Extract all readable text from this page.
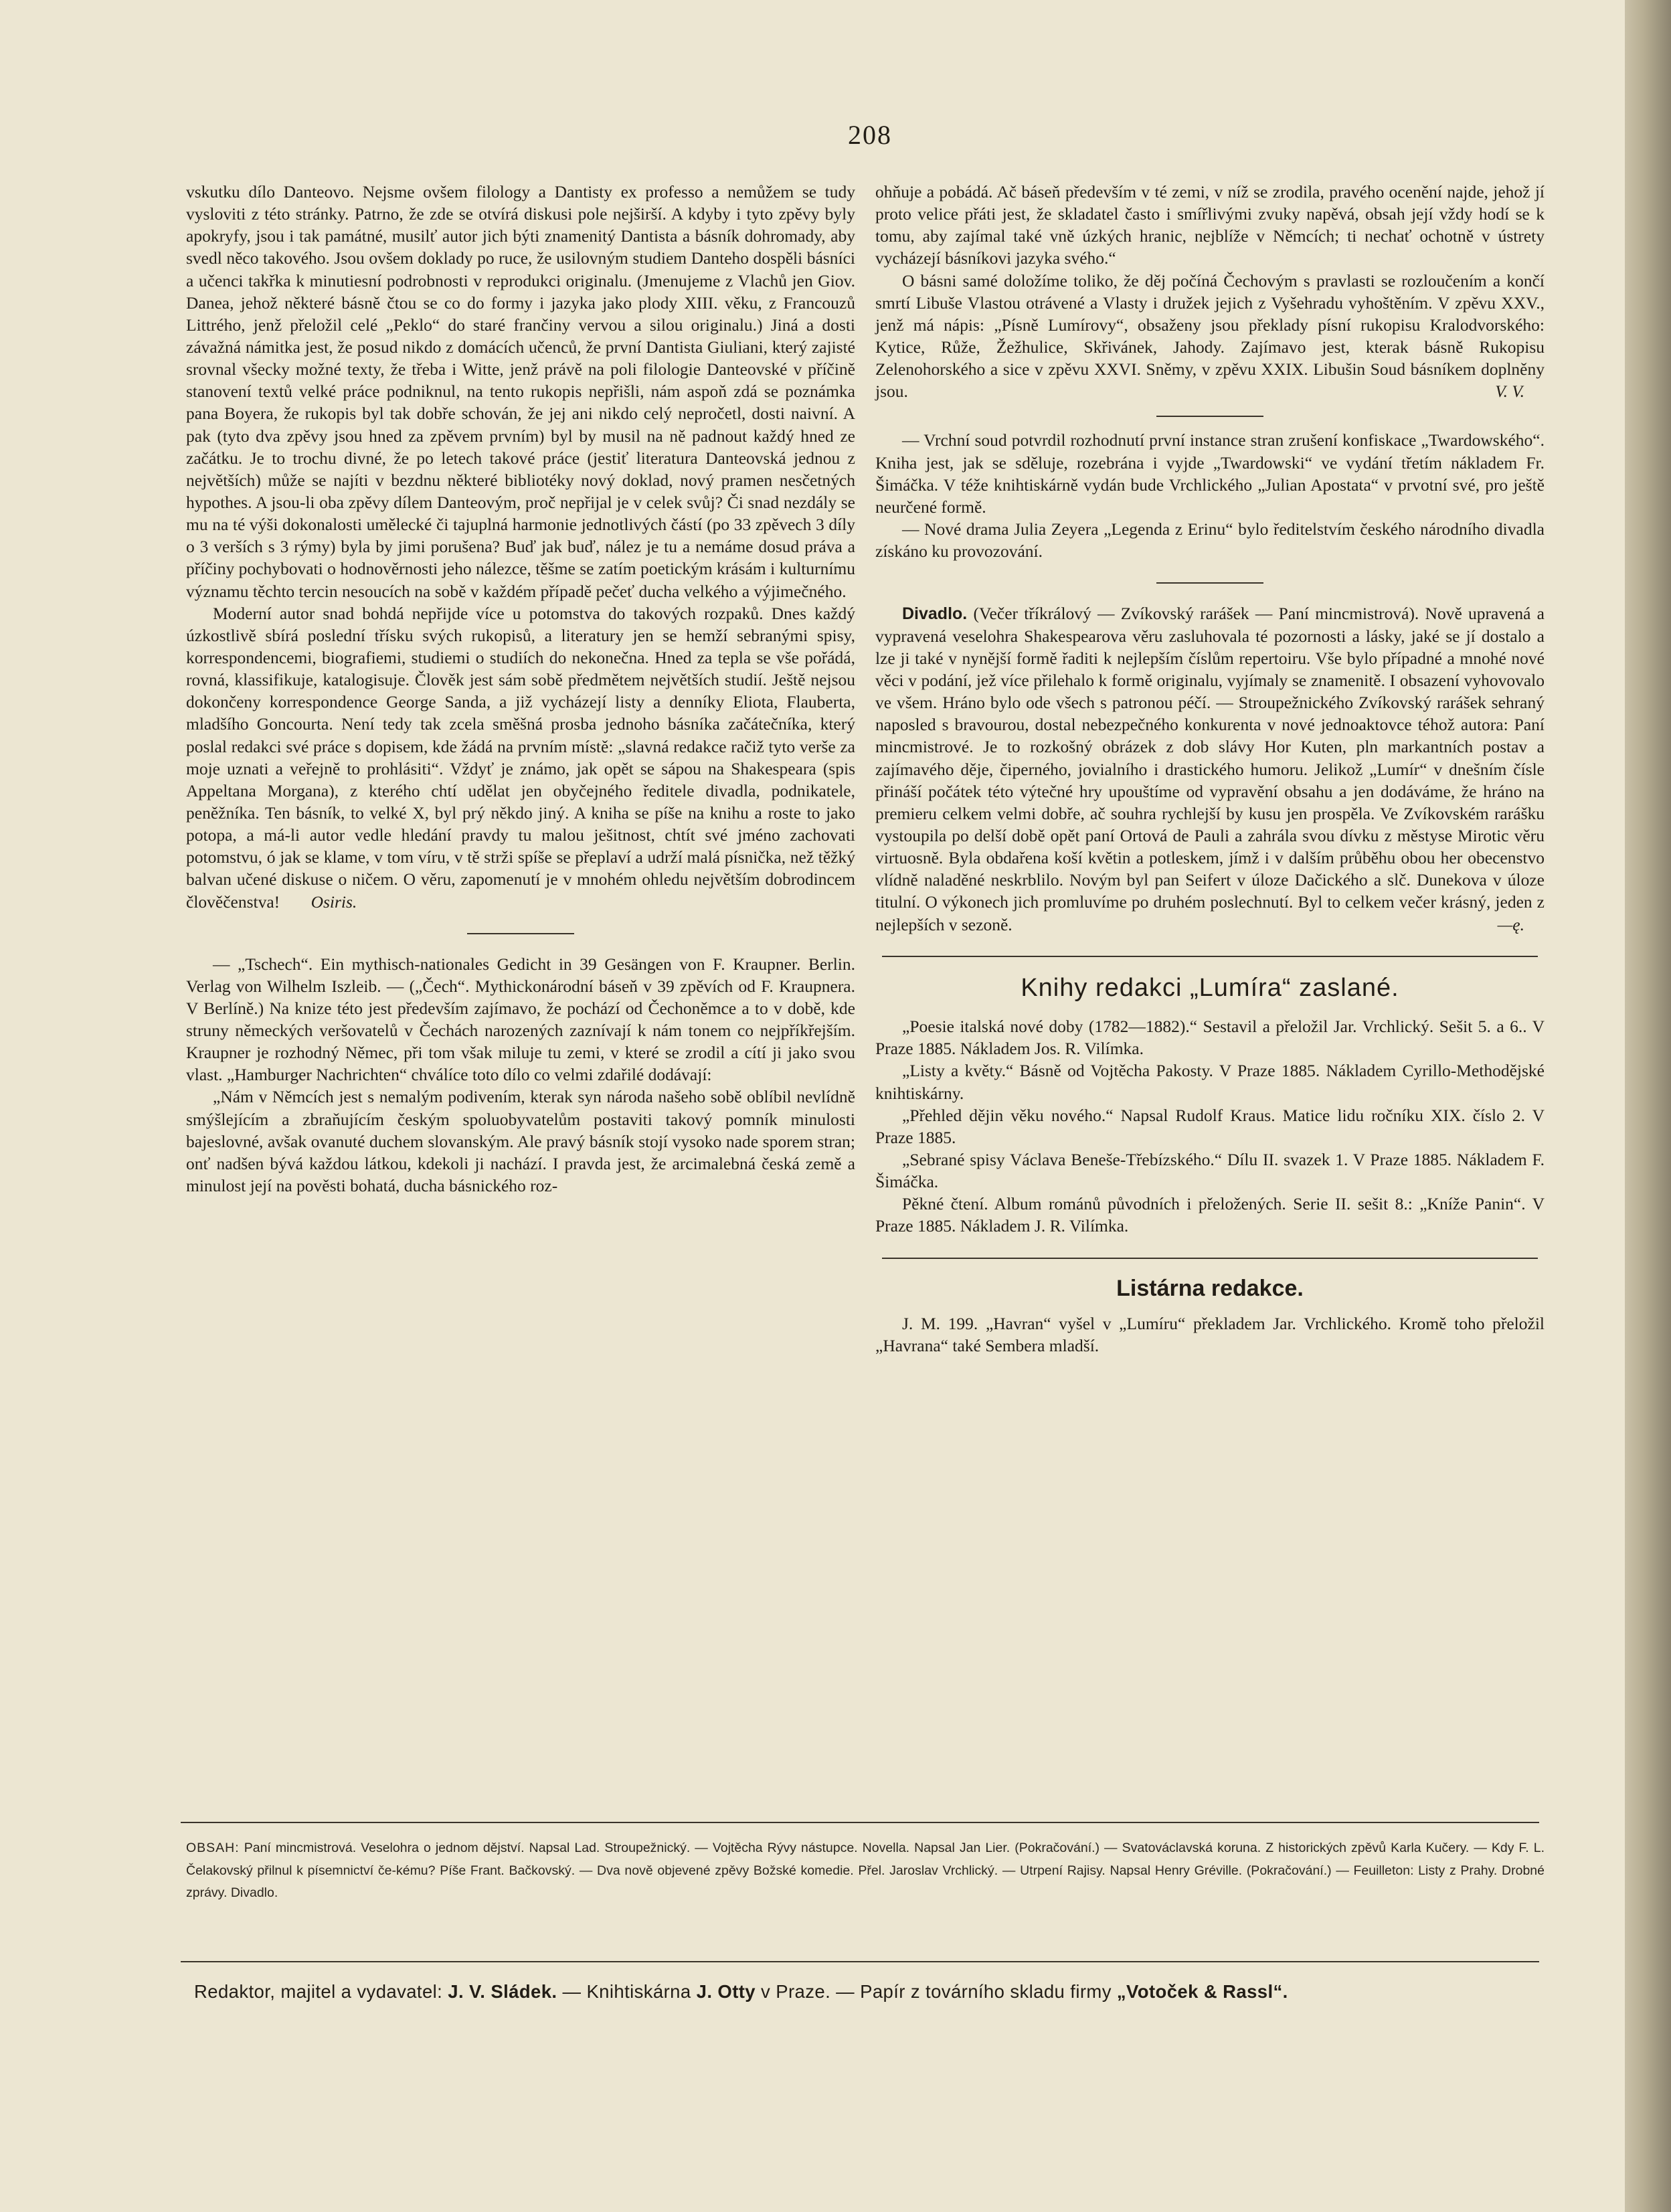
208

vskutku dílo Danteovo. Nejsme ovšem filology a Dantisty ex professo a nemůžem se tudy vysloviti z této stránky. Patrno, že zde se otvírá diskusi pole nejširší. A kdyby i tyto zpěvy byly apokryfy, jsou i tak památné, musilť autor jich býti znamenitý Dantista a básník dohromady, aby svedl něco takového. Jsou ovšem doklady po ruce, že usilovným studiem Danteho dospěli básníci a učenci takřka k minutiesní podrobnosti v reprodukci originalu. (Jmenujeme z Vlachů jen Giov. Danea, jehož některé básně čtou se co do formy i jazyka jako plody XIII. věku, z Francouzů Littrého, jenž přeložil celé „Peklo“ do staré frančiny vervou a silou originalu.) Jiná a dosti závažná námitka jest, že posud nikdo z domácích učenců, že první Dantista Giuliani, který zajisté srovnal všecky možné texty, že třeba i Witte, jenž právě na poli filologie Danteovské v příčině stanovení textů velké práce podniknul, na tento rukopis nepřišli, nám aspoň zdá se poznámka pana Boyera, že rukopis byl tak dobře schován, že jej ani nikdo celý nepročetl, dosti naivní. A pak (tyto dva zpěvy jsou hned za zpěvem prvním) byl by musil na ně padnout každý hned ze začátku. Je to trochu divné, že po letech takové práce (jestiť literatura Danteovská jednou z největších) může se najíti v bezdnu některé bibliotéky nový doklad, nový pramen nesčetných hypothes. A jsou-li oba zpěvy dílem Danteovým, proč nepřijal je v celek svůj? Či snad nezdály se mu na té výši dokonalosti umělecké či tajuplná harmonie jednotlivých částí (po 33 zpěvech 3 díly o 3 verších s 3 rýmy) byla by jimi porušena? Buď jak buď, nález je tu a nemáme dosud práva a příčiny pochybovati o hodnověrnosti jeho nálezce, těšme se zatím poetickým krásám i kulturnímu významu těchto tercin nesoucích na sobě v každém případě pečeť ducha velkého a výjimečného.

Moderní autor snad bohdá nepřijde více u potomstva do takových rozpaků. Dnes každý úzkostlivě sbírá poslední třísku svých rukopisů, a literatury jen se hemží sebranými spisy, korrespondencemi, biografiemi, studiemi o studiích do nekonečna. Hned za tepla se vše pořádá, rovná, klassifikuje, katalogisuje. Člověk jest sám sobě předmětem největších studií. Ještě nejsou dokončeny korrespondence George Sanda, a již vycházejí listy a denníky Eliota, Flauberta, mladšího Goncourta. Není tedy tak zcela směšná prosba jednoho básníka začátečníka, který poslal redakci své práce s dopisem, kde žádá na prvním místě: „slavná redakce račiž tyto verše za moje uznati a veřejně to prohlásiti“. Vždyť je známo, jak opět se sápou na Shakespeara (spis Appeltana Morgana), z kterého chtí udělat jen obyčejného ředitele divadla, podnikatele, peněžníka. Ten básník, to velké X, byl prý někdo jiný. A kniha se píše na knihu a roste to jako potopa, a má-li autor vedle hledání pravdy tu malou ješitnost, chtít své jméno zachovati potomstvu, ó jak se klame, v tom víru, v tě strži spíše se přeplaví a udrží malá písnička, než těžký balvan učené diskuse o ničem. O věru, zapomenutí je v mnohém ohledu největším dobrodincem člověčenstva! Osiris.

— „Tschech“. Ein mythisch-nationales Gedicht in 39 Gesängen von F. Kraupner. Berlin. Verlag von Wilhelm Iszleib. — („Čech“. Mythickonárodní báseň v 39 zpěvích od F. Kraupnera. V Berlíně.) Na knize této jest především zajímavo, že pochází od Čechoněmce a to v době, kde struny německých veršovatelů v Čechách narozených zaznívají k nám tonem co nejpříkřejším. Kraupner je rozhodný Němec, při tom však miluje tu zemi, v které se zrodil a cítí ji jako svou vlast. „Hamburger Nachrichten“ chválíce toto dílo co velmi zdařilé dodávají:

„Nám v Němcích jest s nemalým podivením, kterak syn národa našeho sobě oblíbil nevlídně smýšlejícím a zbraňujícím českým spoluobyvatelům postaviti takový pomník minulosti bajeslovné, avšak ovanuté duchem slovanským. Ale pravý básník stojí vysoko nade sporem stran; onť nadšen bývá každou látkou, kdekoli ji nachází. I pravda jest, že arcimalebná česká země a minulost její na pověsti bohatá, ducha básnického roz-

ohňuje a pobádá. Ač báseň především v té zemi, v níž se zrodila, pravého ocenění najde, jehož jí proto velice přáti jest, že skladatel často i smířlivými zvuky napěvá, obsah její vždy hodí se k tomu, aby zajímal také vně úzkých hranic, nejblíže v Němcích; ti nechať ochotně v ústrety vycházejí básníkovi jazyka svého.“

O básni samé doložíme toliko, že děj počíná Čechovým s pravlasti se rozloučením a končí smrtí Libuše Vlastou otrávené a Vlasty i družek jejich z Vyšehradu vyhoštěním. V zpěvu XXV., jenž má nápis: „Písně Lumírovy“, obsaženy jsou překlady písní rukopisu Kralodvorského: Kytice, Růže, Žežhulice, Skřivánek, Jahody. Zajímavo jest, kterak básně Rukopisu Zelenohorského a sice v zpěvu XXVI. Sněmy, v zpěvu XXIX. Libušin Soud básníkem doplněny jsou.	V. V.

— Vrchní soud potvrdil rozhodnutí první instance stran zrušení konfiskace „Twardowského“. Kniha jest, jak se sděluje, rozebrána i vyjde „Twardowski“ ve vydání třetím nákladem Fr. Šimáčka. V téže knihtiskárně vydán bude Vrchlického „Julian Apostata“ v prvotní své, pro ještě neurčené formě.

— Nové drama Julia Zeyera „Legenda z Erinu“ bylo ředitelstvím českého národního divadla získáno ku provozování.

Divadlo. (Večer tříkrálový — Zvíkovský rarášek — Paní mincmistrová). Nově upravená a vypravená veselohra Shakespearova věru zasluhovala té pozornosti a lásky, jaké se jí dostalo a lze ji také v nynější formě řaditi k nejlepším číslům repertoiru. Vše bylo případné a mnohé nové věci v podání, jež více přilehalo k formě originalu, vyjímaly se znamenitě. I obsazení vyhovovalo ve všem. Hráno bylo ode všech s patronou péčí. — Stroupežnického Zvíkovský rarášek sehraný naposled s bravourou, dostal nebezpečného konkurenta v nové jednoaktovce téhož autora: Paní mincmistrové. Je to rozkošný obrázek z dob slávy Hor Kuten, pln markantních postav a zajímavého děje, čiperného, jovialního i drastického humoru. Jelikož „Lumír“ v dnešním čísle přináší počátek této výtečné hry upouštíme od vypravění obsahu a jen dodáváme, že hráno na premieru celkem velmi dobře, ač souhra rychlejší by kusu jen prospěla. Ve Zvíkovském rarášku vystoupila po delší době opět paní Ortová de Pauli a zahrála svou dívku z městyse Mirotic věru virtuosně. Byla obdařena koší květin a potleskem, jímž i v dalším průběhu obou her obecenstvo vlídně naladěné neskrblilo. Novým byl pan Seifert v úloze Dačického a slč. Dunekova v úloze titulní. O výkonech jich promluvíme po druhém poslechnutí. Byl to celkem večer krásný, jeden z nejlepších v sezoně.	—ę.

Knihy redakci „Lumíra“ zaslané.

„Poesie italská nové doby (1782—1882).“ Sestavil a přeložil Jar. Vrchlický. Sešit 5. a 6.. V Praze 1885. Nákladem Jos. R. Vilímka.

„Listy a květy.“ Básně od Vojtěcha Pakosty. V Praze 1885. Nákladem Cyrillo-Methodějské knihtiskárny.

„Přehled dějin věku nového.“ Napsal Rudolf Kraus. Matice lidu ročníku XIX. číslo 2. V Praze 1885.

„Sebrané spisy Václava Beneše-Třebízského.“ Dílu II. svazek 1. V Praze 1885. Nákladem F. Šimáčka.

Pěkné čtení. Album románů původních i přeložených. Serie II. sešit 8.: „Kníže Panin“. V Praze 1885. Nákladem J. R. Vilímka.

Listárna redakce.

J. M. 199. „Havran“ vyšel v „Lumíru“ překladem Jar. Vrchlického. Kromě toho přeložil „Havrana“ také Sembera mladší.

OBSAH: Paní mincmistrová. Veselohra o jednom dějství. Napsal Lad. Stroupežnický. — Vojtěcha Rývy nástupce. Novella. Napsal Jan Lier. (Pokračování.) — Svatováclavská koruna. Z historických zpěvů Karla Kučery. — Kdy F. L. Čelakovský přilnul k písemnictví če-kému? Píše Frant. Bačkovský. — Dva nově objevené zpěvy Božské komedie. Přel. Jaroslav Vrchlický. — Utrpení Rajisy. Napsal Henry Gréville. (Pokračování.) — Feuilleton: Listy z Prahy. Drobné zprávy. Divadlo.
Redaktor, majitel a vydavatel: J. V. Sládek. — Knihtiskárna J. Otty v Praze. — Papír z továrního skladu firmy „Votoček & Rassl“.
